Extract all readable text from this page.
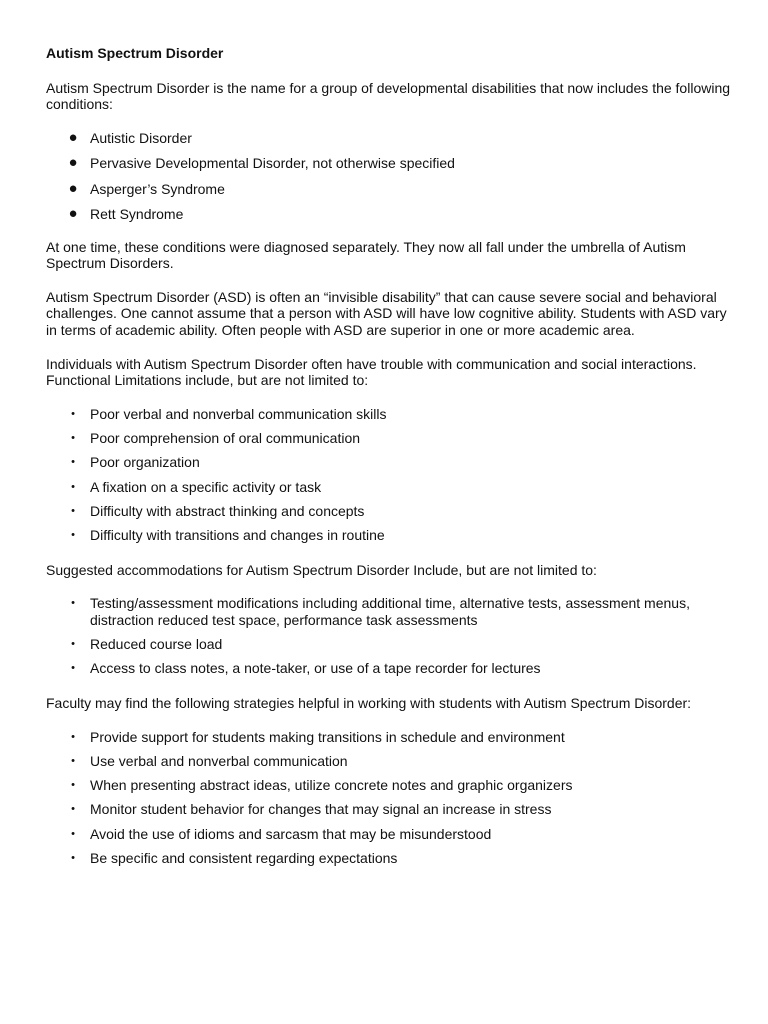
Autism Spectrum Disorder

Autism Spectrum Disorder is the name for a group of developmental disabilities that now includes the following conditions:

● Autistic Disorder
● Pervasive Developmental Disorder, not otherwise specified
● Asperger’s Syndrome
● Rett Syndrome

At one time, these conditions were diagnosed separately. They now all fall under the umbrella of Autism Spectrum Disorders.

Autism Spectrum Disorder (ASD) is often an “invisible disability” that can cause severe social and behavioral challenges. One cannot assume that a person with ASD will have low cognitive ability. Students with ASD vary in terms of academic ability. Often people with ASD are superior in one or more academic area.

Individuals with Autism Spectrum Disorder often have trouble with communication and social interactions. Functional Limitations include, but are not limited to:

• Poor verbal and nonverbal communication skills
• Poor comprehension of oral communication
• Poor organization
• A fixation on a specific activity or task
• Difficulty with abstract thinking and concepts
• Difficulty with transitions and changes in routine

Suggested accommodations for Autism Spectrum Disorder Include, but are not limited to:

• Testing/assessment modifications including additional time, alternative tests, assessment menus, distraction reduced test space, performance task assessments
• Reduced course load
• Access to class notes, a note-taker, or use of a tape recorder for lectures

Faculty may find the following strategies helpful in working with students with Autism Spectrum Disorder:

• Provide support for students making transitions in schedule and environment
• Use verbal and nonverbal communication
• When presenting abstract ideas, utilize concrete notes and graphic organizers
• Monitor student behavior for changes that may signal an increase in stress
• Avoid the use of idioms and sarcasm that may be misunderstood
• Be specific and consistent regarding expectations
